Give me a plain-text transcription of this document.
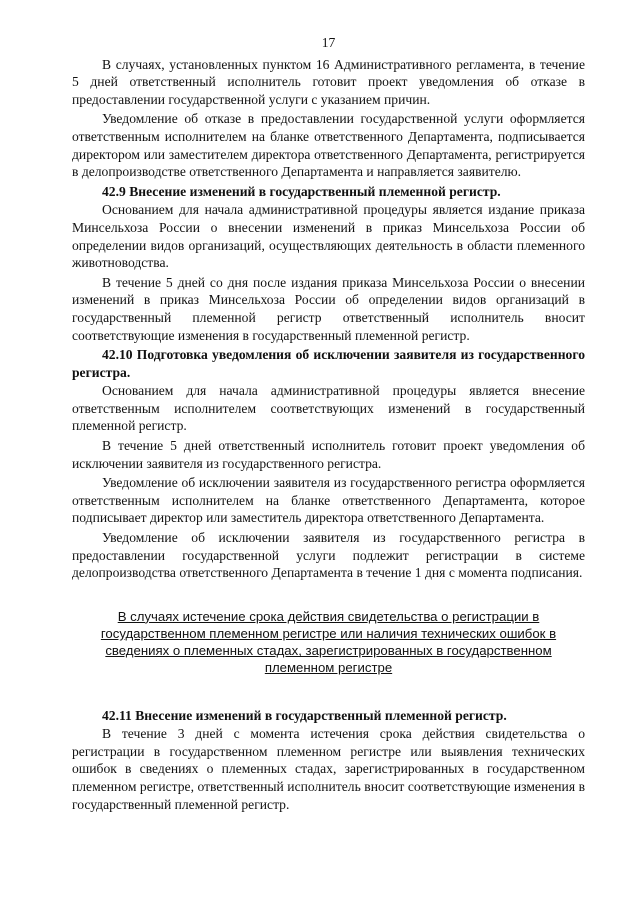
17

В случаях, установленных пунктом 16 Административного регламента, в течение 5 дней ответственный исполнитель готовит проект уведомления об отказе в предоставлении государственной услуги с указанием причин.

Уведомление об отказе в предоставлении государственной услуги оформляется ответственным исполнителем на бланке ответственного Департамента, подписывается директором или заместителем директора ответственного Департамента, регистрируется в делопроизводстве ответственного Департамента и направляется заявителю.

42.9 Внесение изменений в государственный племенной регистр.

Основанием для начала административной процедуры является издание приказа Минсельхоза России о внесении изменений в приказ Минсельхоза России об определении видов организаций, осуществляющих деятельность в области племенного животноводства.

В течение 5 дней со дня после издания приказа Минсельхоза России о внесении изменений в приказ Минсельхоза России об определении видов организаций в государственный племенной регистр ответственный исполнитель вносит соответствующие изменения в государственный племенной регистр.

42.10 Подготовка уведомления об исключении заявителя из государственного регистра.

Основанием для начала административной процедуры является внесение ответственным исполнителем соответствующих изменений в государственный племенной регистр.

В течение 5 дней ответственный исполнитель готовит проект уведомления об исключении заявителя из государственного регистра.

Уведомление об исключении заявителя из государственного регистра оформляется ответственным исполнителем на бланке ответственного Департамента, которое подписывает директор или заместитель директора ответственного Департамента.

Уведомление об исключении заявителя из государственного регистра в предоставлении государственной услуги подлежит регистрации в системе делопроизводства ответственного Департамента в течение 1 дня с момента подписания.

В случаях истечение срока действия свидетельства о регистрации в государственном племенном регистре или наличия технических ошибок в сведениях о племенных стадах, зарегистрированных в государственном племенном регистре

42.11 Внесение изменений в государственный племенной регистр.

В течение 3 дней с момента истечения срока действия свидетельства о регистрации в государственном племенном регистре или выявления технических ошибок в сведениях о племенных стадах, зарегистрированных в государственном племенном регистре, ответственный исполнитель вносит соответствующие изменения в государственный племенной регистр.
